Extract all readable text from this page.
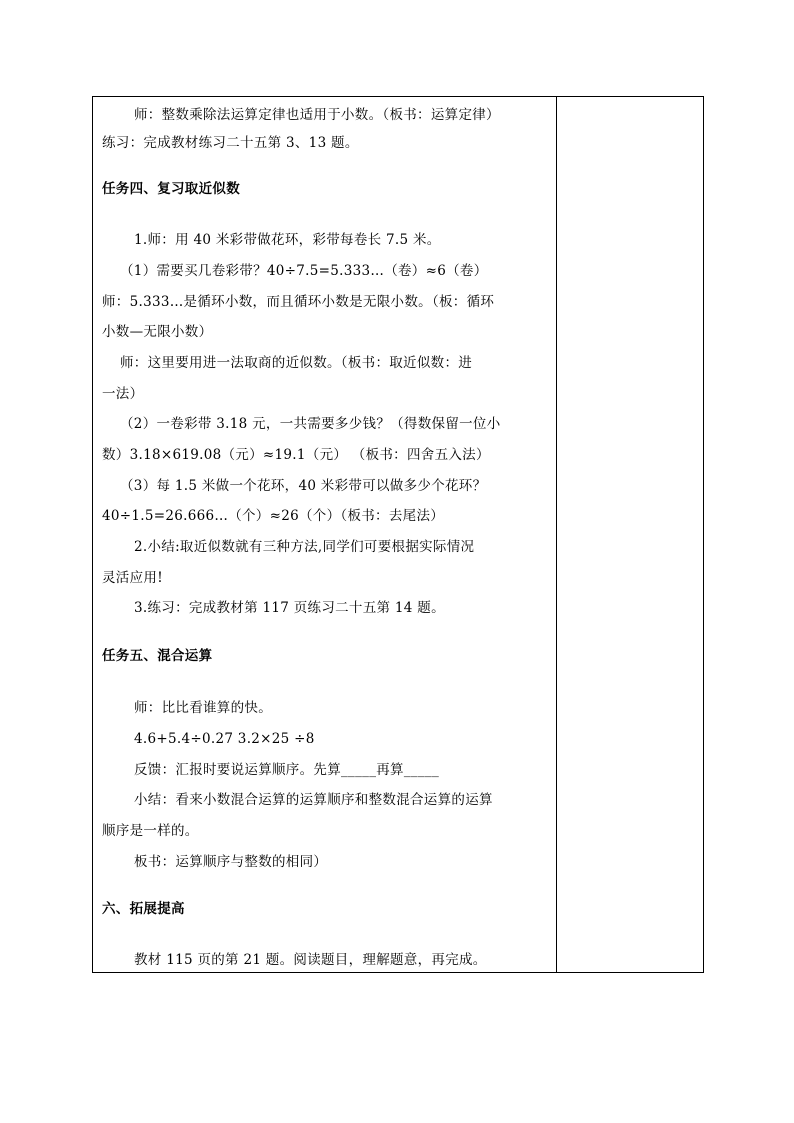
师：整数乘除法运算定律也适用于小数。（板书：运算定律）
练习：完成教材练习二十五第 3、13 题。
任务四、复习取近似数
1.师：用 40 米彩带做花环，彩带每卷长 7.5 米。
（1）需要买几卷彩带？40÷7.5=5.333…（卷）≈6（卷）
师：5.333…是循环小数，而且循环小数是无限小数。（板：循环
小数—无限小数）
师：这里要用进一法取商的近似数。（板书：取近似数：进
一法）
（2）一卷彩带 3.18 元，一共需要多少钱？（得数保留一位小
数）3.18×619.08（元）≈19.1（元） （板书：四舍五入法）
（3）每 1.5 米做一个花环，40 米彩带可以做多少个花环？
40÷1.5=26.666…（个）≈26（个）（板书：去尾法）
2.小结:取近似数就有三种方法,同学们可要根据实际情况
灵活应用!
3.练习：完成教材第 117 页练习二十五第 14 题。
任务五、混合运算
师：比比看谁算的快。
4.6+5.4÷0.27 3.2×25 ÷8
反馈：汇报时要说运算顺序。先算_____再算_____
小结：看来小数混合运算的运算顺序和整数混合运算的运算
顺序是一样的。
板书：运算顺序与整数的相同）
六、拓展提高
教材 115 页的第 21 题。阅读题目，理解题意，再完成。
